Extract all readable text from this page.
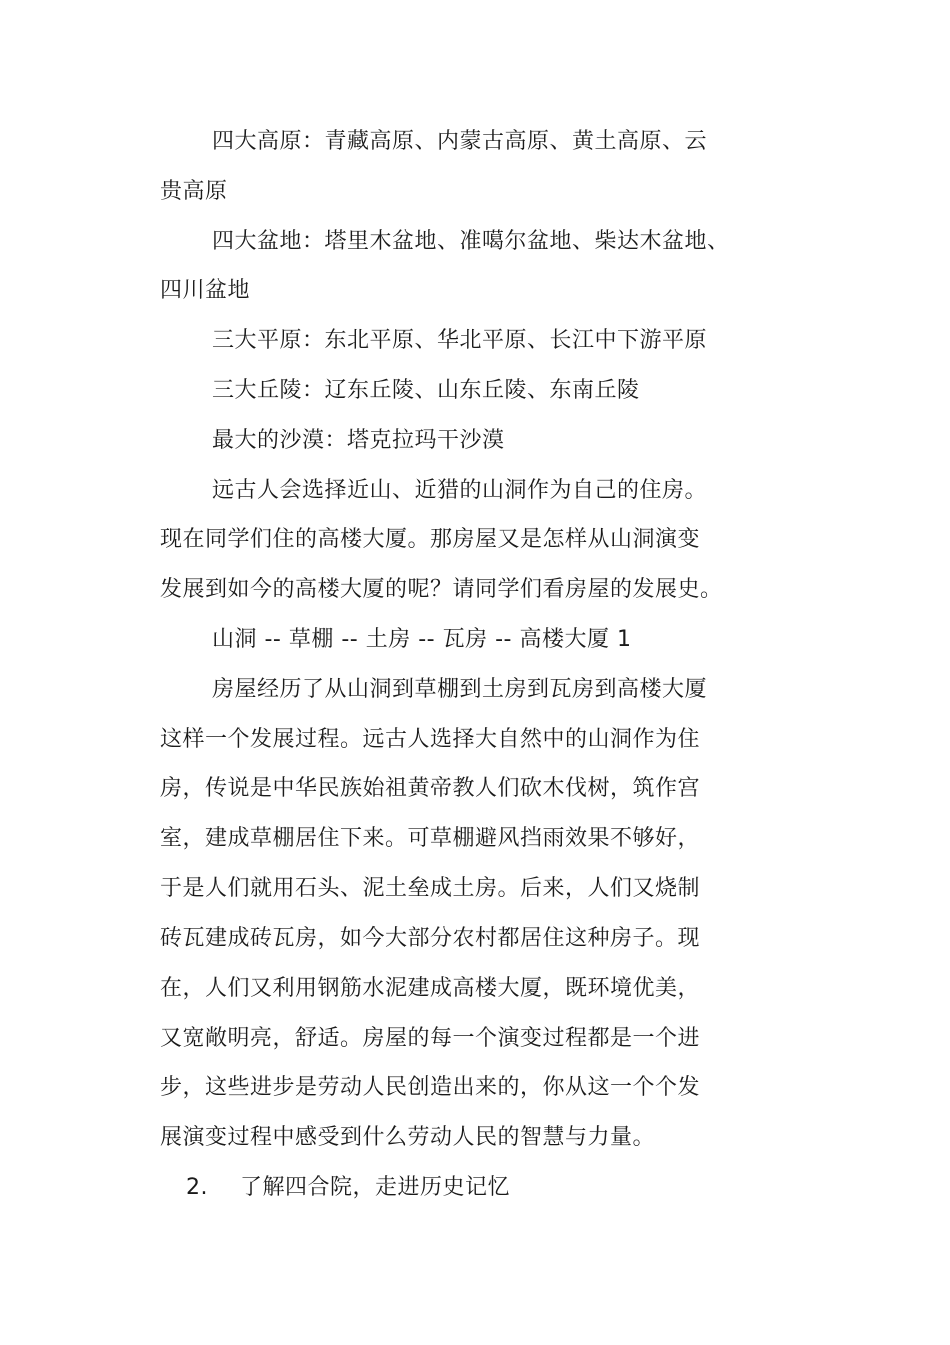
四大高原：青藏高原、内蒙古高原、黄土高原、云
贵高原
四大盆地：塔里木盆地、准噶尔盆地、柴达木盆地、
四川盆地
三大平原：东北平原、华北平原、长江中下游平原
三大丘陵：辽东丘陵、山东丘陵、东南丘陵
最大的沙漠：塔克拉玛干沙漠
远古人会选择近山、近猎的山洞作为自己的住房。
现在同学们住的高楼大厦。那房屋又是怎样从山洞演变
发展到如今的高楼大厦的呢？请同学们看房屋的发展史。
山洞 -- 草棚 -- 土房 -- 瓦房 -- 高楼大厦 1
房屋经历了从山洞到草棚到土房到瓦房到高楼大厦
这样一个发展过程。远古人选择大自然中的山洞作为住
房，传说是中华民族始祖黄帝教人们砍木伐树，筑作宫
室，建成草棚居住下来。可草棚避风挡雨效果不够好，
于是人们就用石头、泥土垒成土房。后来，人们又烧制
砖瓦建成砖瓦房，如今大部分农村都居住这种房子。现
在，人们又利用钢筋水泥建成高楼大厦，既环境优美，
又宽敞明亮，舒适。房屋的每一个演变过程都是一个进
步，这些进步是劳动人民创造出来的，你从这一个个发
展演变过程中感受到什么劳动人民的智慧与力量。
2. 了解四合院，走进历史记忆
